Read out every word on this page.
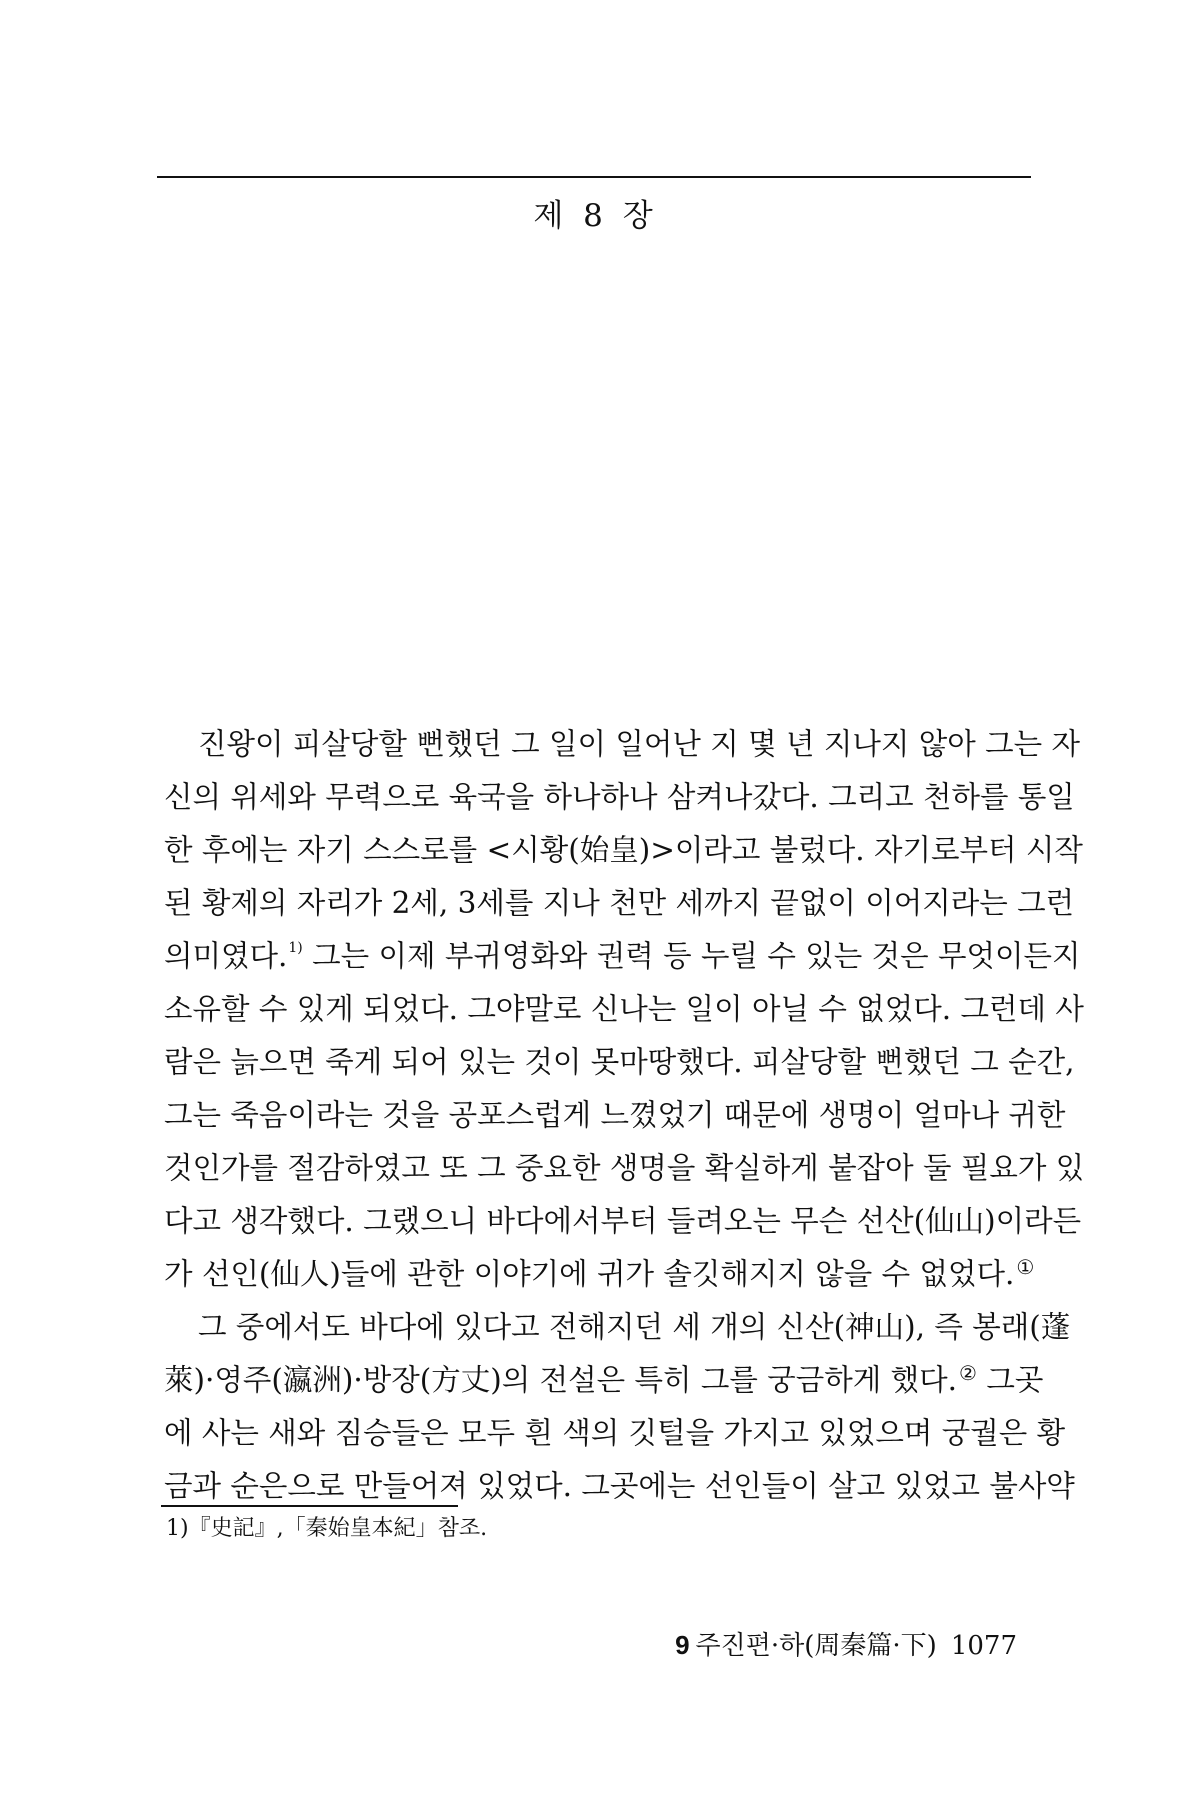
제 8 장

진왕이 피살당할 뻔했던 그 일이 일어난 지 몇 년 지나지 않아 그는 자
신의 위세와 무력으로 육국을 하나하나 삼켜나갔다. 그리고 천하를 통일
한 후에는 자기 스스로를 <시황(始皇)>이라고 불렀다. 자기로부터 시작
된 황제의 자리가 2세, 3세를 지나 천만 세까지 끝없이 이어지라는 그런
의미였다.$^{1)}$ 그는 이제 부귀영화와 권력 등 누릴 수 있는 것은 무엇이든지
소유할 수 있게 되었다. 그야말로 신나는 일이 아닐 수 없었다. 그런데 사
람은 늙으면 죽게 되어 있는 것이 못마땅했다. 피살당할 뻔했던 그 순간,
그는 죽음이라는 것을 공포스럽게 느꼈었기 때문에 생명이 얼마나 귀한
것인가를 절감하였고 또 그 중요한 생명을 확실하게 붙잡아 둘 필요가 있
다고 생각했다. 그랬으니 바다에서부터 들려오는 무슨 선산(仙山)이라든
가 선인(仙人)들에 관한 이야기에 귀가 솔깃해지지 않을 수 없었다. ①

그 중에서도 바다에 있다고 전해지던 세 개의 신산(神山), 즉 봉래(蓬
萊)·영주(瀛洲)·방장(方丈)의 전설은 특히 그를 궁금하게 했다. ② 그곳
에 사는 새와 짐승들은 모두 흰 색의 깃털을 가지고 있었으며 궁궐은 황
금과 순은으로 만들어져 있었다. 그곳에는 선인들이 살고 있었고 불사약

1)『史記』,「秦始皇本紀」참조.
9 주진편·하(周秦篇·下) 1077
